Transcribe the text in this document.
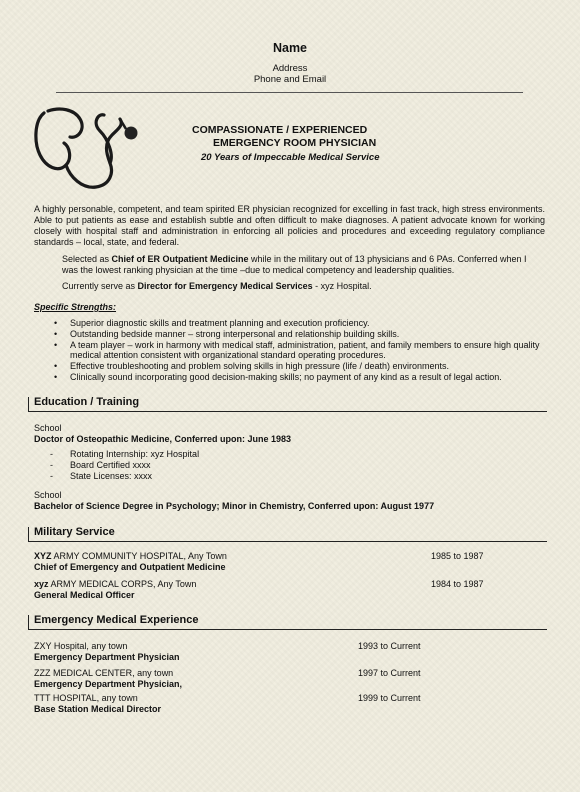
Name
Address
Phone and Email
COMPASSIONATE / EXPERIENCED
EMERGENCY ROOM PHYSICIAN
20 Years of Impeccable Medical Service
A highly personable, competent, and team spirited ER physician recognized for excelling in fast track, high stress environments. Able to put patients as ease and establish subtle and often difficult to make diagnoses. A patient advocate known for working closely with hospital staff and administration in enforcing all policies and procedures and exceeding regulatory compliance standards – local, state, and federal.
Selected as Chief of ER Outpatient Medicine while in the military out of 13 physicians and 6 PAs. Conferred when I was the lowest ranking physician at the time –due to medical competency and leadership qualities.
Currently serve as Director for Emergency Medical Services - xyz Hospital.
Specific Strengths:
• Superior diagnostic skills and treatment planning and execution proficiency.
• Outstanding bedside manner – strong interpersonal and relationship building skills.
• A team player – work in harmony with medical staff, administration, patient, and family members to ensure high quality medical attention consistent with organizational standard operating procedures.
• Effective troubleshooting and problem solving skills in high pressure (life / death) environments.
• Clinically sound incorporating good decision-making skills; no payment of any kind as a result of legal action.
Education / Training
School
Doctor of Osteopathic Medicine, Conferred upon: June 1983
- Rotating Internship: xyz Hospital
- Board Certified xxxx
- State Licenses: xxxx
School
Bachelor of Science Degree in Psychology; Minor in Chemistry, Conferred upon: August 1977
Military Service
XYZ ARMY COMMUNITY HOSPITAL, Any Town
Chief of Emergency and Outpatient Medicine
1985 to 1987
xyz ARMY MEDICAL CORPS, Any Town
General Medical Officer
1984 to 1987
Emergency Medical Experience
ZXY Hospital, any town
Emergency Department Physician
1993 to Current
ZZZ MEDICAL CENTER, any town
Emergency Department Physician,
1997 to Current
TTT HOSPITAL, any town
Base Station Medical Director
1999 to Current
